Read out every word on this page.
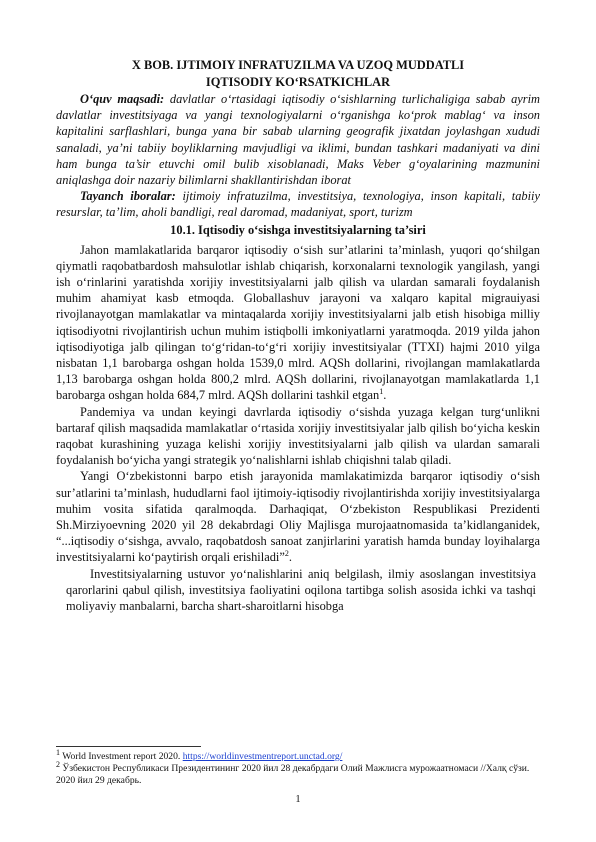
X BOB. IJTIMOIY INFRATUZILMA VA UZOQ MUDDATLI

IQTISODIY KO‘RSATKICHLAR

O‘quv maqsadi: davlatlar o‘rtasidagi iqtisodiy o‘sishlarning turlichaligiga sabab ayrim davlatlar investitsiyaga va yangi texnologiyalarni o‘rganishga ko‘prok mablag‘ va inson kapitalini sarflashlari, bunga yana bir sabab ularning geografik jixatdan joylashgan xududi sanaladi, ya’ni tabiiy boyliklarning mavjudligi va iklimi, bundan tashkari madaniyati va dini ham bunga ta’sir etuvchi omil bulib xisoblanadi, Maks Veber g‘oyalarining mazmunini aniqlashga doir nazariy bilimlarni shakllantirishdan iborat

Tayanch iboralar: ijtimoiy infratuzilma, investitsiya, texnologiya, inson kapitali, tabiiy resurslar, ta’lim, aholi bandligi, real daromad, madaniyat, sport, turizm

10.1. Iqtisodiy o‘sishga investitsiyalarning ta’siri

Jahon mamlakatlarida barqaror iqtisodiy o‘sish sur’atlarini ta’minlash, yuqori qo‘shilgan qiymatli raqobatbardosh mahsulotlar ishlab chiqarish, korxonalarni texnologik yangilash, yangi ish o‘rinlarini yaratishda xorijiy investitsiyalarni jalb qilish va ulardan samarali foydalanish muhim ahamiyat kasb etmoqda. Globallashuv jarayoni va xalqaro kapital migrauiyasi rivojlanayotgan mamlakatlar va mintaqalarda xorijiy investitsiyalarni jalb etish hisobiga milliy iqtisodiyotni rivojlantirish uchun muhim istiqbolli imkoniyatlarni yaratmoqda. 2019 yilda jahon iqtisodiyotiga jalb qilingan to‘g‘ridan-to‘g‘ri xorijiy investitsiyalar (TTXI) hajmi 2010 yilga nisbatan 1,1 barobarga oshgan holda 1539,0 mlrd. AQSh dollarini, rivojlangan mamlakatlarda 1,13 barobarga oshgan holda 800,2 mlrd. AQSh dollarini, rivojlanayotgan mamlakatlarda 1,1 barobarga oshgan holda 684,7 mlrd. AQSh dollarini tashkil etgan$^1$.

Pandemiya va undan keyingi davrlarda iqtisodiy o‘sishda yuzaga kelgan turg‘unlikni bartaraf qilish maqsadida mamlakatlar o‘rtasida xorijiy investitsiyalar jalb qilish bo‘yicha keskin raqobat kurashining yuzaga kelishi xorijiy investitsiyalarni jalb qilish va ulardan samarali foydalanish bo‘yicha yangi strategik yo‘nalishlarni ishlab chiqishni talab qiladi.

Yangi O‘zbekistonni barpo etish jarayonida mamlakatimizda barqaror iqtisodiy o‘sish sur’atlarini ta’minlash, hududlarni faol ijtimoiy-iqtisodiy rivojlantirishda xorijiy investitsiyalarga muhim vosita sifatida qaralmoqda. Darhaqiqat, O‘zbekiston Respublikasi Prezidenti Sh.Mirziyoevning 2020 yil 28 dekabrdagi Oliy Majlisga murojaatnomasida ta’kidlanganidek, “...iqtisodiy o‘sishga, avvalo, raqobatdosh sanoat zanjirlarini yaratish hamda bunday loyihalarga investitsiyalarni ko‘paytirish orqali erishiladi”$^2$.

Investitsiyalarning ustuvor yo‘nalishlarini aniq belgilash, ilmiy asoslangan investitsiya qarorlarini qabul qilish, investitsiya faoliyatini oqilona tartibga solish asosida ichki va tashqi moliyaviy manbalarni, barcha shart-sharoitlarni hisobga

$^1$ World Investment report 2020. https://worldinvestmentreport.unctad.org/

$^2$ Ўзбекистон Республикаси Президентининг 2020 йил 28 декабрдаги Олий Мажлисга мурожаатномаси //Халқ сўзи. 2020 йил 29 декабрь.

1
